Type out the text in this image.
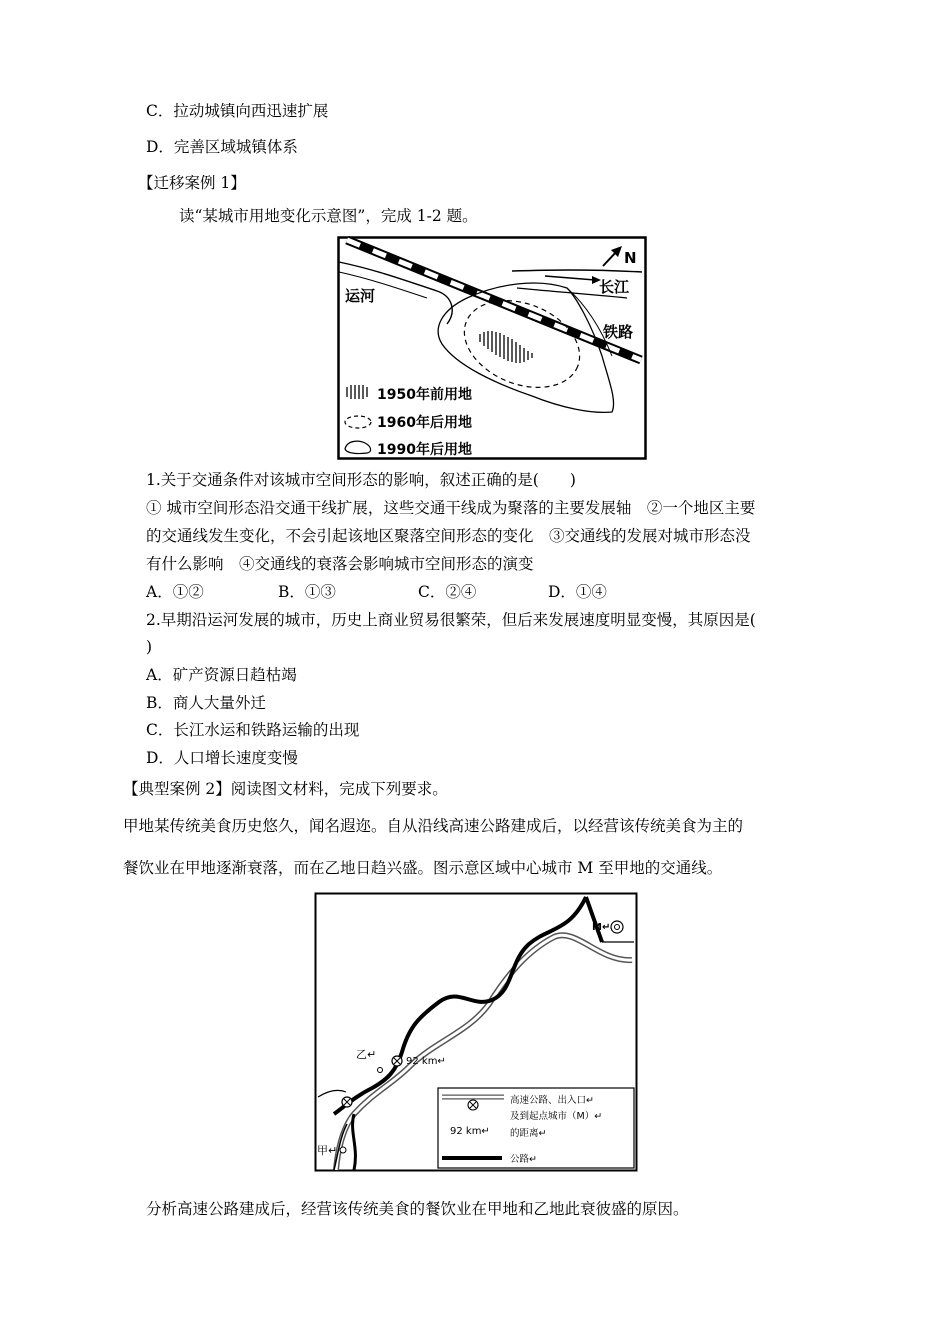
C．拉动城镇向西迅速扩展
D．完善区域城镇体系
【迁移案例 1】
读“某城市用地变化示意图”，完成 1-2 题。
N
长江
运河
铁路
1950年前用地
1960年后用地
1990年后用地
1.关于交通条件对该城市空间形态的影响，叙述正确的是(　　)
① 城市空间形态沿交通干线扩展，这些交通干线成为聚落的主要发展轴　②一个地区主要
的交通线发生变化，不会引起该地区聚落空间形态的变化　③交通线的发展对城市形态没
有什么影响　④交通线的衰落会影响城市空间形态的演变
A．①②	B．①③	C．②④	D．①④
2.早期沿运河发展的城市，历史上商业贸易很繁荣，但后来发展速度明显变慢，其原因是(
)
A．矿产资源日趋枯竭
B．商人大量外迁
C．长江水运和铁路运输的出现
D．人口增长速度变慢
【典型案例 2】阅读图文材料，完成下列要求。
甲地某传统美食历史悠久，闻名遐迩。自从沿线高速公路建成后，以经营该传统美食为主的
餐饮业在甲地逐渐衰落，而在乙地日趋兴盛。图示意区域中心城市 M 至甲地的交通线。
M↵
92 km↵
乙↵
甲↵
92 km↵
高速公路、出入口↵
及到起点城市（M）↵
的距离↵
公路↵
分析高速公路建成后，经营该传统美食的餐饮业在甲地和乙地此衰彼盛的原因。
